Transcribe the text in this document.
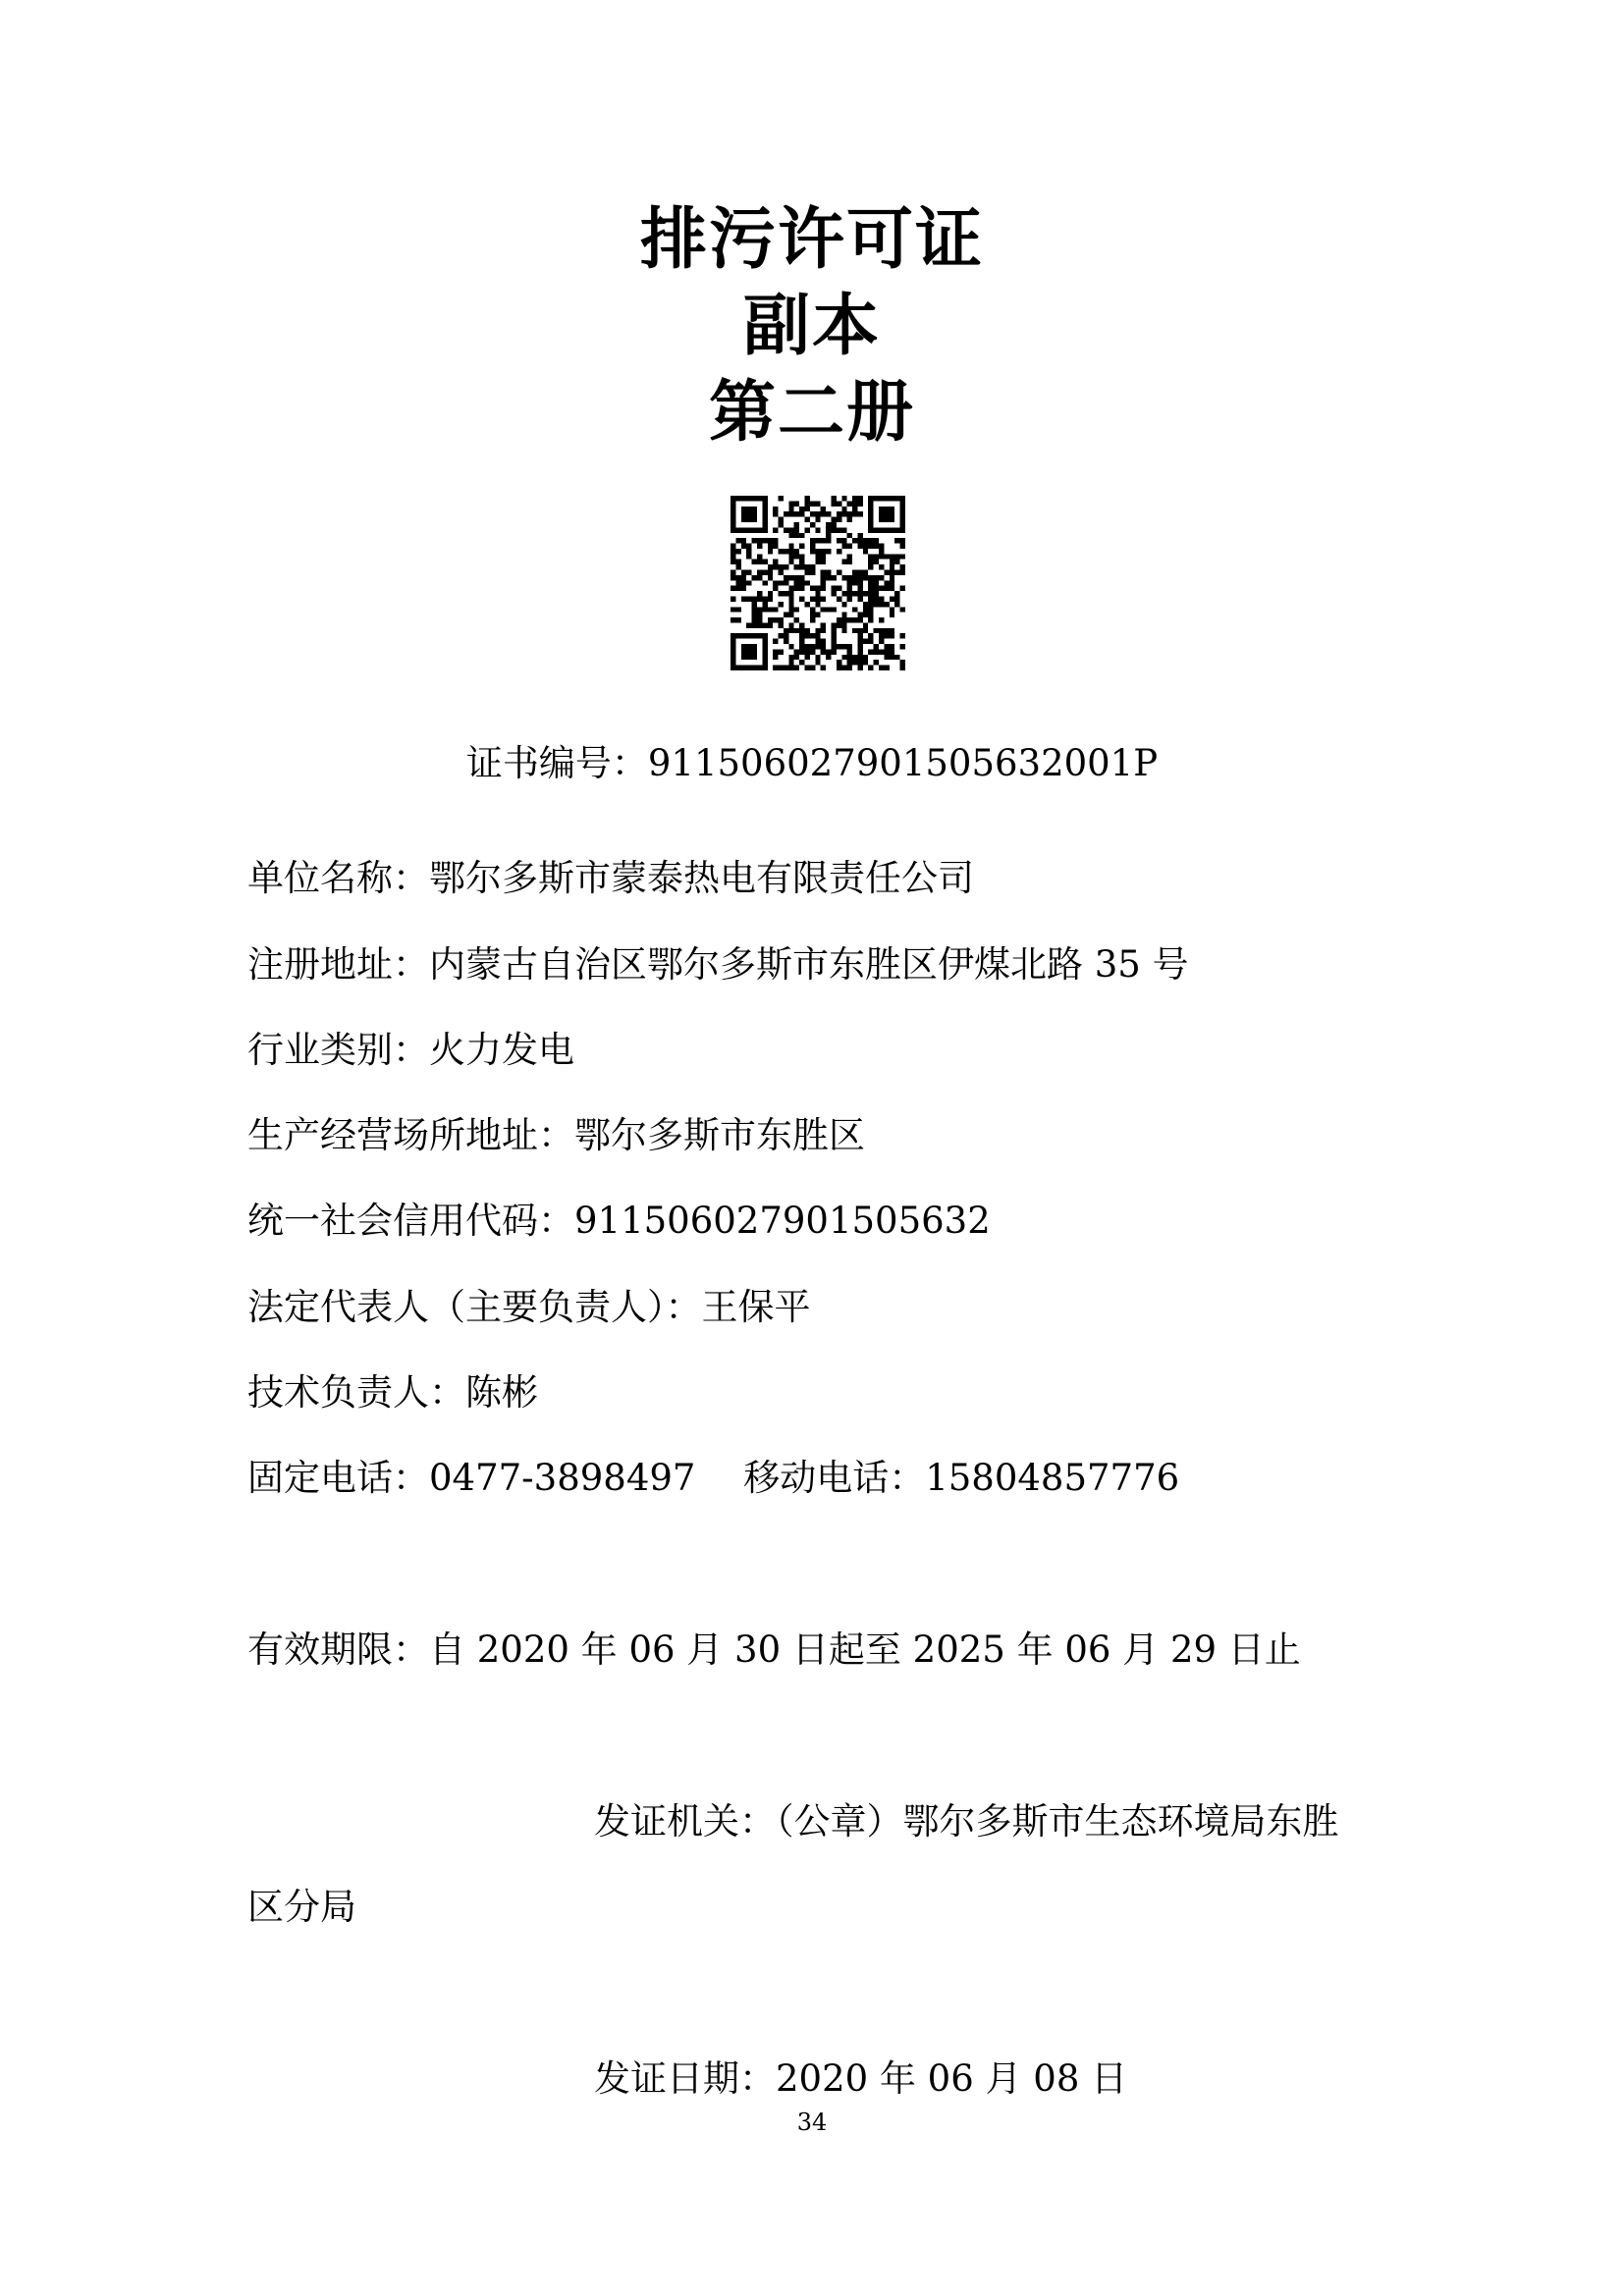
排污许可证
副本
第二册
证书编号：91150602790150563200​1P
单位名称：鄂尔多斯市蒙泰热电有限责任公司
注册地址：内蒙古自治区鄂尔多斯市东胜区伊煤北路 35 号
行业类别：火力发电
生产经营场所地址：鄂尔多斯市东胜区
统一社会信用代码：911506027901505632
法定代表人（主要负责人）：王保平
技术负责人：陈彬
固定电话：0477-3898497　 移动电话：15804857776
有效期限：自 2020 年 06 月 30 日起至 2025 年 06 月 29 日止
发证机关：（公章）鄂尔多斯市生态环境局东胜
区分局
发证日期：2020 年 06 月 08 日
34
